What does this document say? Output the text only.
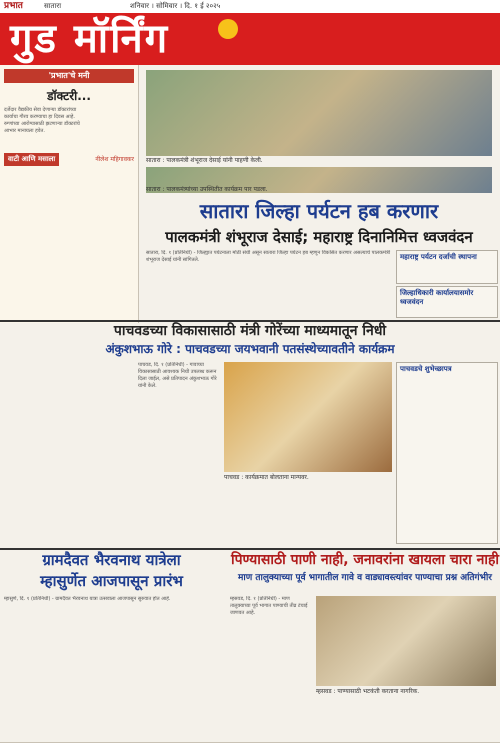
प्रभात	सातारा	शनिवार । सोमिवार । दि. १ ई २०२५
गुड मॉर्निंग
'प्रभात'चे मनी
डॉक्टरी...
दर्जेदार वैद्यकीय सेवा देणाऱ्या डॉक्टरांच्या
कार्याचा गौरव करण्याचा हा दिवस आहे.
रुग्णांच्या आरोग्यासाठी झटणाऱ्या डॉक्टरांचे
आभार मानायला हवेत.
वाटी आणि मसाला	नीलेश महिगावकर सातारा : पालकमंत्री शंभूराज देसाई यांनी पाहणी केली.
सातारा : पालकमंत्र्यांच्या उपस्थितीत कार्यक्रम पार पडला.
सातारा जिल्हा पर्यटन हब करणार
पालकमंत्री शंभूराज देसाई; महाराष्ट्र दिनानिमित्त ध्वजवंदन
सातारा, दि. १ (प्रतिनिधी) - जिल्ह्यात पर्यटनाला मोठी संधी असून सातारा जिल्हा पर्यटन हब म्हणून विकसित करणार असल्याचे पालकमंत्री शंभूराज देसाई यांनी सांगितले.	महाराष्ट्र पर्यटन दर्जाची स्थापना
जिल्हाधिकारी कार्यालयासमोर ध्वजवंदन
पाचवडच्या विकासासाठी मंत्री गोरेंच्या माध्यमातून निधी
अंकुशभाऊ गोरे : पाचवडच्या जयभवानी पतसंस्थेच्यावतीने कार्यक्रम
पाचवड, दि. १ (प्रतिनिधी) - गावाच्या विकासासाठी आवश्यक निधी उपलब्ध करून दिला जाईल, असे प्रतिपादन अंकुशभाऊ गोरे यांनी केले.
पाचवड : कार्यक्रमात बोलताना मान्यवर.
पाचवडचे शुभेच्छापत्र
ग्रामदैवत भैरवनाथ यात्रेला
म्हासुर्णेत आजपासून प्रारंभ
पिण्यासाठी पाणी नाही, जनावरांना खायला चारा नाही
माण तालुक्याच्या पूर्व भागातील गावे व वाड्यावस्त्यांवर पाण्याचा प्रश्न अतिगंभीर
म्हासुर्णे, दि. १ (प्रतिनिधी) - ग्रामदैवत भैरवनाथ यात्रा उत्सवाला आजपासून सुरुवात होत आहे.	म्हसवड, दि. १ (प्रतिनिधी) - माण तालुक्याच्या पूर्व भागात पाण्याची तीव्र टंचाई जाणवत आहे.
म्हसवड : पाण्यासाठी भटकंती करताना नागरिक.
